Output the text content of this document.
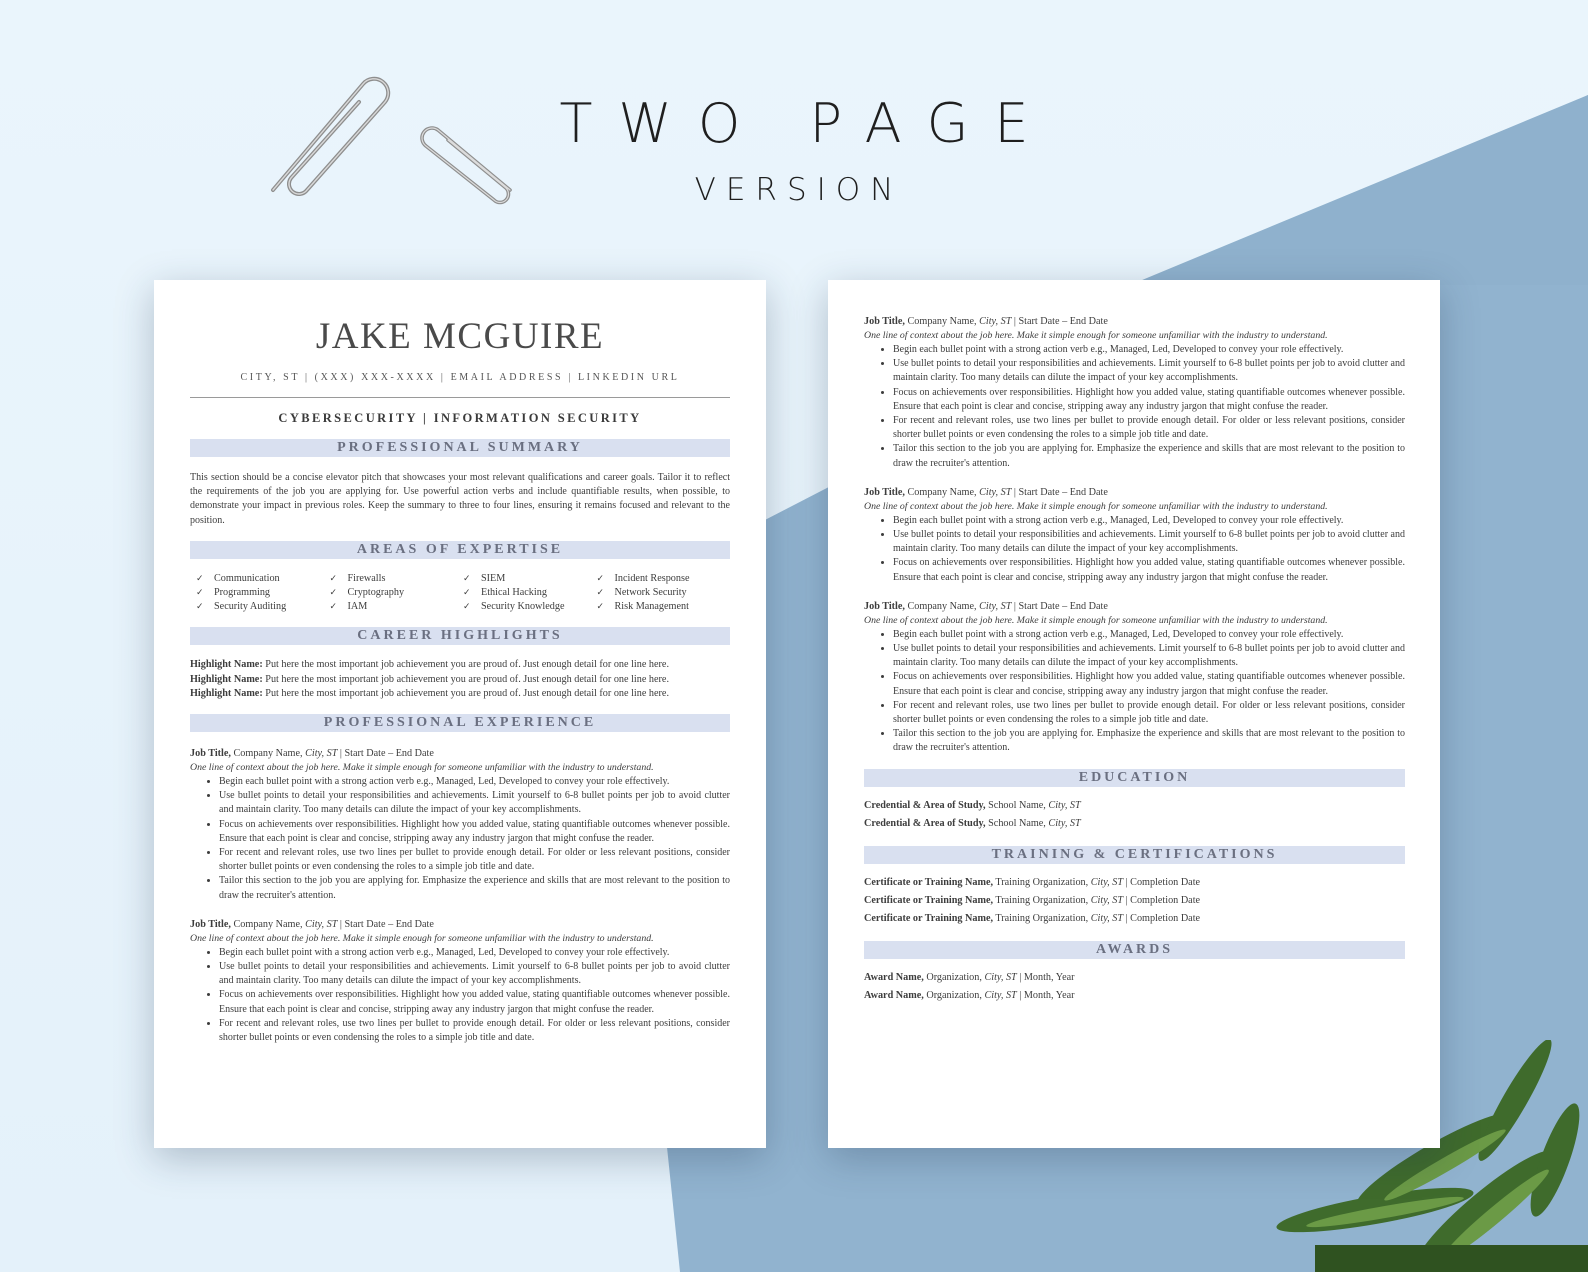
TWO PAGE
VERSION
JAKE MCGUIRE
CITY, ST | (XXX) XXX-XXXX | EMAIL ADDRESS | LINKEDIN URL
CYBERSECURITY | INFORMATION SECURITY
PROFESSIONAL SUMMARY
This section should be a concise elevator pitch that showcases your most relevant qualifications and career goals. Tailor it to reflect the requirements of the job you are applying for. Use powerful action verbs and include quantifiable results, when possible, to demonstrate your impact in previous roles. Keep the summary to three to four lines, ensuring it remains focused and relevant to the position.
AREAS OF EXPERTISE
✓ Communication
✓ Programming
✓ Security Auditing
✓ Firewalls
✓ Cryptography
✓ IAM
✓ SIEM
✓ Ethical Hacking
✓ Security Knowledge
✓ Incident Response
✓ Network Security
✓ Risk Management
CAREER HIGHLIGHTS
Highlight Name: Put here the most important job achievement you are proud of. Just enough detail for one line here.
Highlight Name: Put here the most important job achievement you are proud of. Just enough detail for one line here.
Highlight Name: Put here the most important job achievement you are proud of. Just enough detail for one line here.
PROFESSIONAL EXPERIENCE
Job Title, Company Name, City, ST | Start Date – End Date
One line of context about the job here. Make it simple enough for someone unfamiliar with the industry to understand.
• Begin each bullet point with a strong action verb e.g., Managed, Led, Developed to convey your role effectively.
• Use bullet points to detail your responsibilities and achievements. Limit yourself to 6-8 bullet points per job to avoid clutter and maintain clarity. Too many details can dilute the impact of your key accomplishments.
• Focus on achievements over responsibilities. Highlight how you added value, stating quantifiable outcomes whenever possible. Ensure that each point is clear and concise, stripping away any industry jargon that might confuse the reader.
• For recent and relevant roles, use two lines per bullet to provide enough detail. For older or less relevant positions, consider shorter bullet points or even condensing the roles to a simple job title and date.
• Tailor this section to the job you are applying for. Emphasize the experience and skills that are most relevant to the position to draw the recruiter's attention.
Job Title, Company Name, City, ST | Start Date – End Date
One line of context about the job here. Make it simple enough for someone unfamiliar with the industry to understand.
• Begin each bullet point with a strong action verb e.g., Managed, Led, Developed to convey your role effectively.
• Use bullet points to detail your responsibilities and achievements. Limit yourself to 6-8 bullet points per job to avoid clutter and maintain clarity. Too many details can dilute the impact of your key accomplishments.
• Focus on achievements over responsibilities. Highlight how you added value, stating quantifiable outcomes whenever possible. Ensure that each point is clear and concise, stripping away any industry jargon that might confuse the reader.
• For recent and relevant roles, use two lines per bullet to provide enough detail. For older or less relevant positions, consider shorter bullet points or even condensing the roles to a simple job title and date.
Job Title, Company Name, City, ST | Start Date – End Date
One line of context about the job here. Make it simple enough for someone unfamiliar with the industry to understand.
• Begin each bullet point with a strong action verb e.g., Managed, Led, Developed to convey your role effectively.
• Use bullet points to detail your responsibilities and achievements. Limit yourself to 6-8 bullet points per job to avoid clutter and maintain clarity. Too many details can dilute the impact of your key accomplishments.
• Focus on achievements over responsibilities. Highlight how you added value, stating quantifiable outcomes whenever possible. Ensure that each point is clear and concise, stripping away any industry jargon that might confuse the reader.
• For recent and relevant roles, use two lines per bullet to provide enough detail. For older or less relevant positions, consider shorter bullet points or even condensing the roles to a simple job title and date.
• Tailor this section to the job you are applying for. Emphasize the experience and skills that are most relevant to the position to draw the recruiter's attention.
Job Title, Company Name, City, ST | Start Date – End Date
One line of context about the job here. Make it simple enough for someone unfamiliar with the industry to understand.
• Begin each bullet point with a strong action verb e.g., Managed, Led, Developed to convey your role effectively.
• Use bullet points to detail your responsibilities and achievements. Limit yourself to 6-8 bullet points per job to avoid clutter and maintain clarity. Too many details can dilute the impact of your key accomplishments.
• Focus on achievements over responsibilities. Highlight how you added value, stating quantifiable outcomes whenever possible. Ensure that each point is clear and concise, stripping away any industry jargon that might confuse the reader.
Job Title, Company Name, City, ST | Start Date – End Date
One line of context about the job here. Make it simple enough for someone unfamiliar with the industry to understand.
• Begin each bullet point with a strong action verb e.g., Managed, Led, Developed to convey your role effectively.
• Use bullet points to detail your responsibilities and achievements. Limit yourself to 6-8 bullet points per job to avoid clutter and maintain clarity. Too many details can dilute the impact of your key accomplishments.
• Focus on achievements over responsibilities. Highlight how you added value, stating quantifiable outcomes whenever possible. Ensure that each point is clear and concise, stripping away any industry jargon that might confuse the reader.
• For recent and relevant roles, use two lines per bullet to provide enough detail. For older or less relevant positions, consider shorter bullet points or even condensing the roles to a simple job title and date.
• Tailor this section to the job you are applying for. Emphasize the experience and skills that are most relevant to the position to draw the recruiter's attention.
EDUCATION
Credential & Area of Study, School Name, City, ST
Credential & Area of Study, School Name, City, ST
TRAINING & CERTIFICATIONS
Certificate or Training Name, Training Organization, City, ST | Completion Date
Certificate or Training Name, Training Organization, City, ST | Completion Date
Certificate or Training Name, Training Organization, City, ST | Completion Date
AWARDS
Award Name, Organization, City, ST | Month, Year
Award Name, Organization, City, ST | Month, Year
